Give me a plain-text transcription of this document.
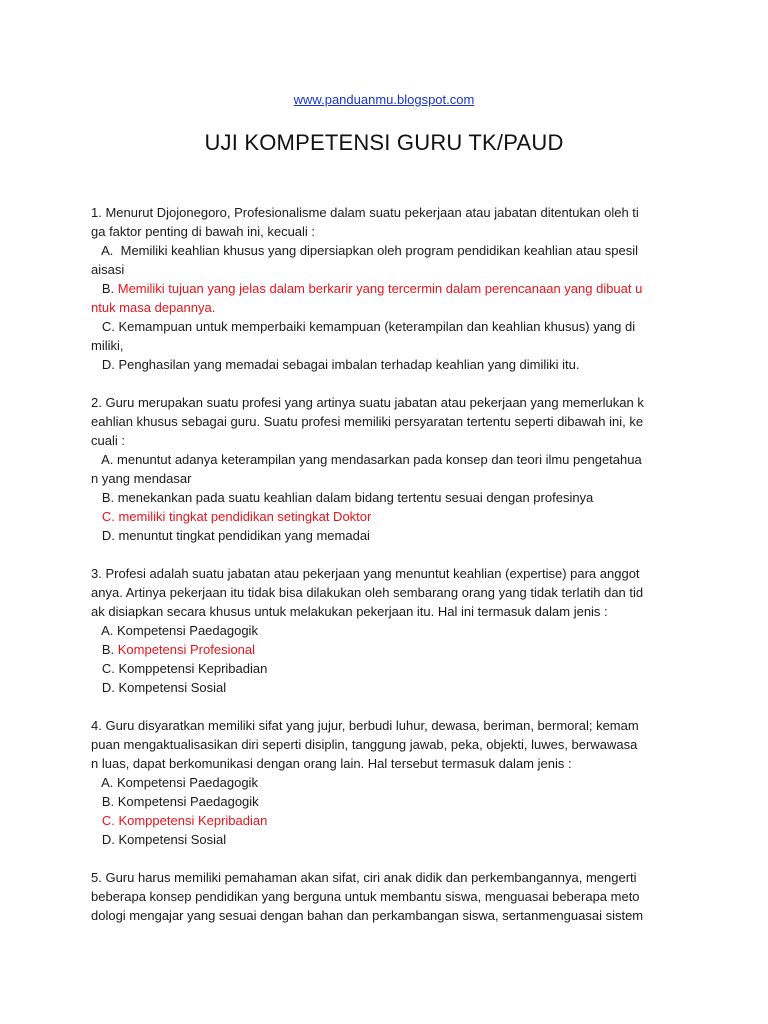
www.panduanmu.blogspot.com
UJI KOMPETENSI GURU TK/PAUD
1. Menurut Djojonegoro, Profesionalisme dalam suatu pekerjaan atau jabatan ditentukan oleh ti
ga faktor penting di bawah ini, kecuali :
A.  Memiliki keahlian khusus yang dipersiapkan oleh program pendidikan keahlian atau spesil
aisasi
B. Memiliki tujuan yang jelas dalam berkarir yang tercermin dalam perencanaan yang dibuat u
ntuk masa depannya.
C. Kemampuan untuk memperbaiki kemampuan (keterampilan dan keahlian khusus) yang di
miliki,
D. Penghasilan yang memadai sebagai imbalan terhadap keahlian yang dimiliki itu.
2. Guru merupakan suatu profesi yang artinya suatu jabatan atau pekerjaan yang memerlukan k
eahlian khusus sebagai guru. Suatu profesi memiliki persyaratan tertentu seperti dibawah ini, ke
cuali :
A. menuntut adanya keterampilan yang mendasarkan pada konsep dan teori ilmu pengetahua
n yang mendasar
B. menekankan pada suatu keahlian dalam bidang tertentu sesuai dengan profesinya
C. memiliki tingkat pendidikan setingkat Doktor
D. menuntut tingkat pendidikan yang memadai
3. Profesi adalah suatu jabatan atau pekerjaan yang menuntut keahlian (expertise) para anggot
anya. Artinya pekerjaan itu tidak bisa dilakukan oleh sembarang orang yang tidak terlatih dan tid
ak disiapkan secara khusus untuk melakukan pekerjaan itu. Hal ini termasuk dalam jenis :
A. Kompetensi Paedagogik
B. Kompetensi Profesional
C. Komppetensi Kepribadian
D. Kompetensi Sosial
4. Guru disyaratkan memiliki sifat yang jujur, berbudi luhur, dewasa, beriman, bermoral; kemam
puan mengaktualisasikan diri seperti disiplin, tanggung jawab, peka, objekti, luwes, berwawasa
n luas, dapat berkomunikasi dengan orang lain. Hal tersebut termasuk dalam jenis :
A. Kompetensi Paedagogik
B. Kompetensi Paedagogik
C. Komppetensi Kepribadian
D. Kompetensi Sosial
5. Guru harus memiliki pemahaman akan sifat, ciri anak didik dan perkembangannya, mengerti
beberapa konsep pendidikan yang berguna untuk membantu siswa, menguasai beberapa meto
dologi mengajar yang sesuai dengan bahan dan perkambangan siswa, sertanmenguasai sistem
